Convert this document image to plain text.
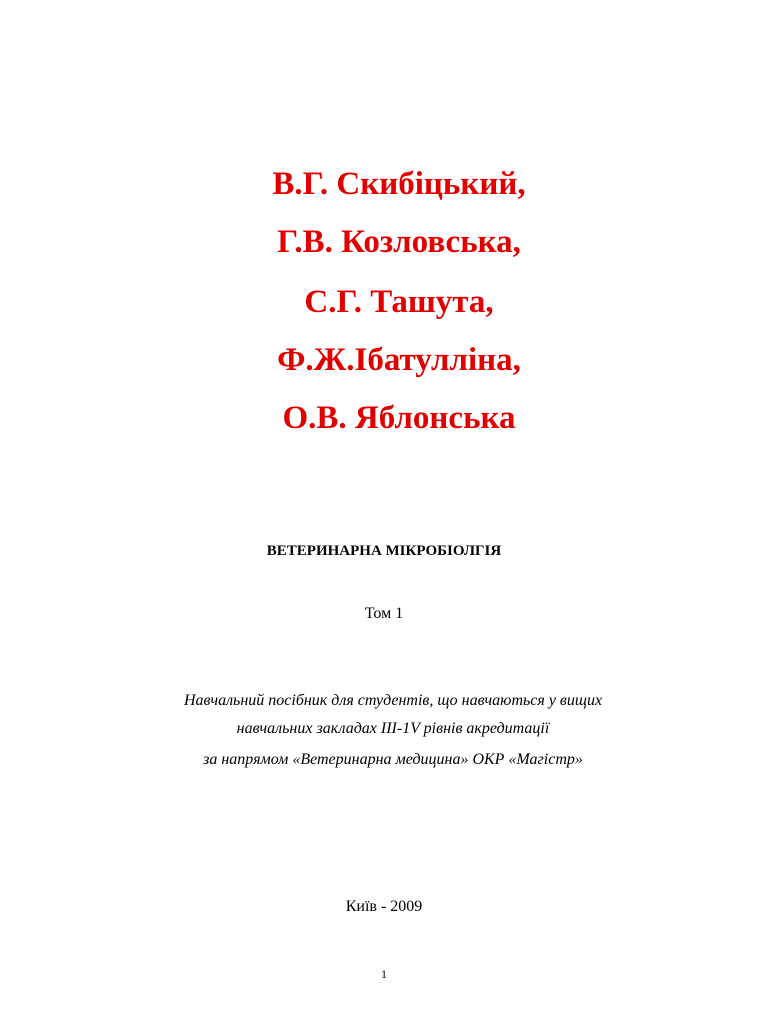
В.Г. Скибіцький,
Г.В. Козловська,
С.Г. Ташута,
Ф.Ж.Ібатулліна,
О.В. Яблонська
ВЕТЕРИНАРНА МІКРОБІОЛГІЯ
Том 1
Навчальний посібник для студентів, що навчаються у вищих
навчальних закладах ІІІ-1V рівнів акредитації
за напрямом «Ветеринарна медицина» ОКР «Магістр»
Київ - 2009
1
